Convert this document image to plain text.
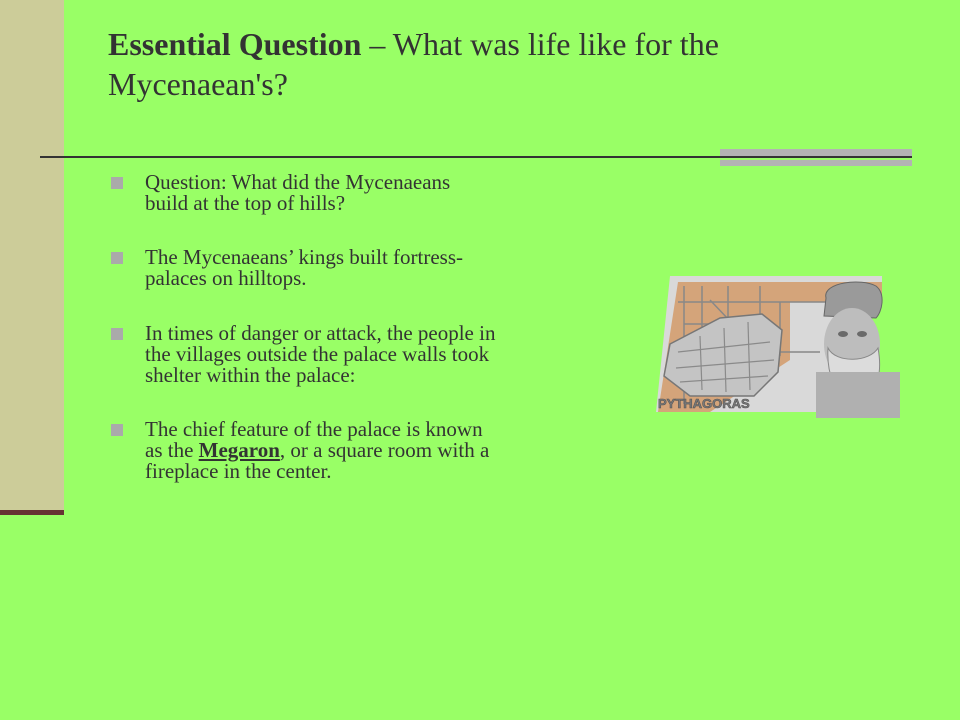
Essential Question – What was life like for the Mycenaean's?
Question: What did the Mycenaeans build at the top of hills?
The Mycenaeans’ kings built fortress-palaces on hilltops.
In times of danger or attack, the people in the villages outside the palace walls took shelter within the palace:
The chief feature of the palace is known as the Megaron, or a square room with a fireplace in the center.
PYTHAGORAS
